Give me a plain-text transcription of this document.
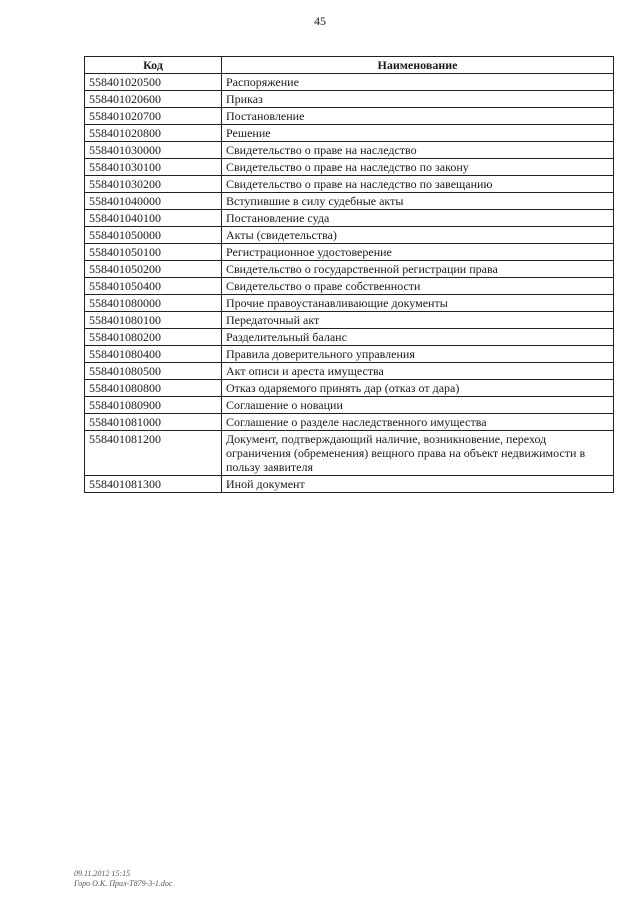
45
Код	Наименование
558401020500	Распоряжение
558401020600	Приказ
558401020700	Постановление
558401020800	Решение
558401030000	Свидетельство о праве на наследство
558401030100	Свидетельство о праве на наследство по закону
558401030200	Свидетельство о праве на наследство по завещанию
558401040000	Вступившие в силу судебные акты
558401040100	Постановление суда
558401050000	Акты (свидетельства)
558401050100	Регистрационное удостоверение
558401050200	Свидетельство о государственной регистрации права
558401050400	Свидетельство о праве собственности
558401080000	Прочие правоустанавливающие документы
558401080100	Передаточный акт
558401080200	Разделительный баланс
558401080400	Правила доверительного управления
558401080500	Акт описи и ареста имущества
558401080800	Отказ одаряемого принять дар (отказ от дара)
558401080900	Соглашение о новации
558401081000	Соглашение о разделе наследственного имущества
558401081200	Документ, подтверждающий наличие, возникновение, переход ограничения (обременения) вещного права на объект недвижимости в пользу заявителя
558401081300	Иной документ
09.11.2012 15:15
Горо О.К. Прил-Т879-3-1.doc
